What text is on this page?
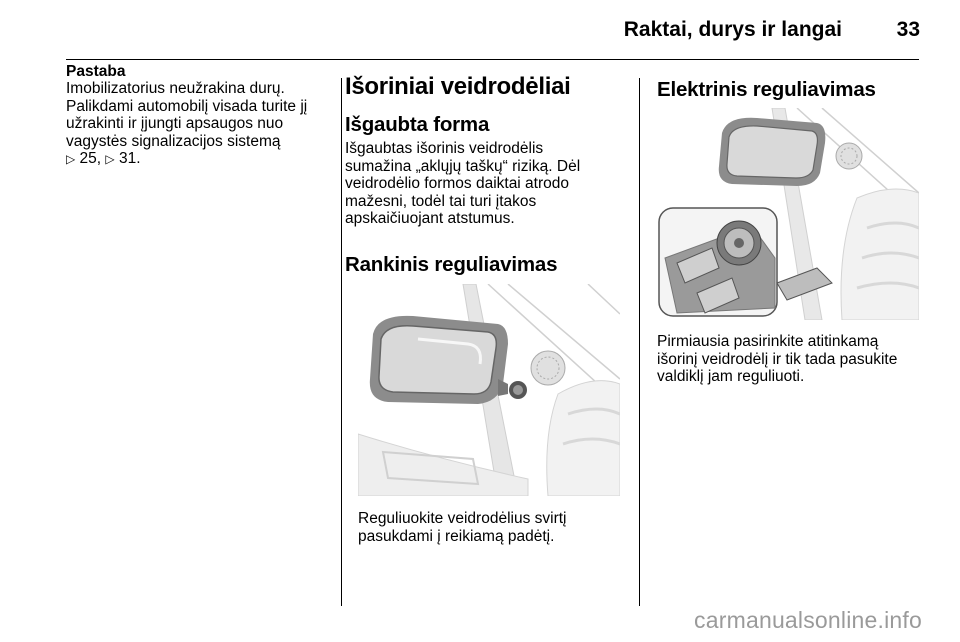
Raktai, durys ir langai	33
Pastaba
Imobilizatorius neužrakina durų.
Palikdami automobilį visada turite jį
užrakinti ir įjungti apsaugos nuo
vagystės signalizacijos sistemą
▷ 25, ▷ 31.
Išoriniai veidrodėliai
Išgaubta forma
Išgaubtas išorinis veidrodėlis
sumažina „aklųjų taškų“ riziką. Dėl
veidrodėlio formos daiktai atrodo
mažesni, todėl tai turi įtakos
apskaičiuojant atstumus.
Rankinis reguliavimas
Reguliuokite veidrodėlius svirtį
pasukdami į reikiamą padėtį.
Elektrinis reguliavimas
Pirmiausia pasirinkite atitinkamą
išorinį veidrodėlį ir tik tada pasukite
valdiklį jam reguliuoti.
carmanualsonline.info
